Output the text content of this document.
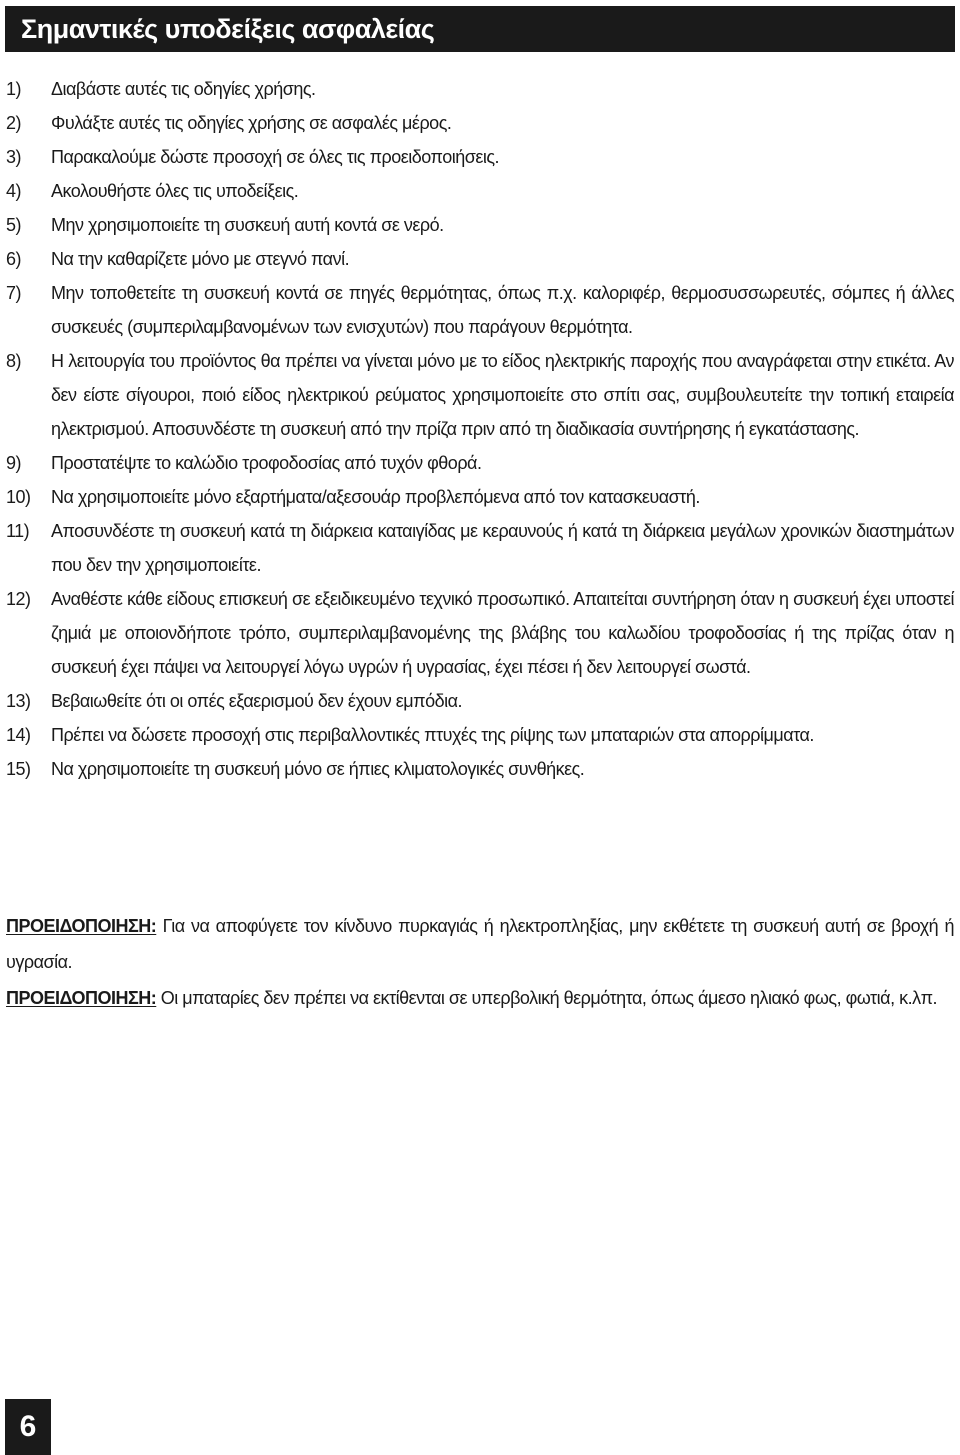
Σημαντικές υποδείξεις ασφαλείας
1) Διαβάστε αυτές τις οδηγίες χρήσης.
2) Φυλάξτε αυτές τις οδηγίες χρήσης σε ασφαλές μέρος.
3) Παρακαλούμε δώστε προσοχή σε όλες τις προειδοποιήσεις.
4) Ακολουθήστε όλες τις υποδείξεις.
5) Μην χρησιμοποιείτε τη συσκευή αυτή κοντά σε νερό.
6) Να την καθαρίζετε μόνο με στεγνό πανί.
7) Μην τοποθετείτε τη συσκευή κοντά σε πηγές θερμότητας, όπως π.χ. καλοριφέρ, θερμοσυσσωρευτές, σόμπες ή άλλες συσκευές (συμπεριλαμβανομένων των ενισχυτών) που παράγουν θερμότητα.
8) Η λειτουργία του προϊόντος θα πρέπει να γίνεται μόνο με το είδος ηλεκτρικής παροχής που αναγράφεται στην ετικέτα. Αν δεν είστε σίγουροι, ποιό είδος ηλεκτρικού ρεύματος χρησιμοποιείτε στο σπίτι σας, συμβουλευτείτε την τοπική εταιρεία ηλεκτρισμού. Αποσυνδέστε τη συσκευή από την πρίζα πριν από τη διαδικασία συντήρησης ή εγκατάστασης.
9) Προστατέψτε το καλώδιο τροφοδοσίας από τυχόν φθορά.
10) Να χρησιμοποιείτε μόνο εξαρτήματα/αξεσουάρ προβλεπόμενα από τον κατασκευαστή.
11) Αποσυνδέστε τη συσκευή κατά τη διάρκεια καταιγίδας με κεραυνούς ή κατά τη διάρκεια μεγάλων χρονικών διαστημάτων που δεν την χρησιμοποιείτε.
12) Αναθέστε κάθε είδους επισκευή σε εξειδικευμένο τεχνικό προσωπικό. Απαιτείται συντήρηση όταν η συσκευή έχει υποστεί ζημιά με οποιονδήποτε τρόπο, συμπεριλαμβανομένης της βλάβης του καλωδίου τροφοδοσίας ή της πρίζας όταν η συσκευή έχει πάψει να λειτουργεί λόγω υγρών ή υγρασίας, έχει πέσει ή δεν λειτουργεί σωστά.
13) Βεβαιωθείτε ότι οι οπές εξαερισμού δεν έχουν εμπόδια.
14) Πρέπει να δώσετε προσοχή στις περιβαλλοντικές πτυχές της ρίψης των μπαταριών στα απορρίμματα.
15) Να χρησιμοποιείτε τη συσκευή μόνο σε ήπιες κλιματολογικές συνθήκες.
ΠΡΟΕΙΔΟΠΟΙΗΣΗ: Για να αποφύγετε τον κίνδυνο πυρκαγιάς ή ηλεκτροπληξίας, μην εκθέτετε τη συσκευή αυτή σε βροχή ή υγρασία.
ΠΡΟΕΙΔΟΠΟΙΗΣΗ: Οι μπαταρίες δεν πρέπει να εκτίθενται σε υπερβολική θερμότητα, όπως άμεσο ηλιακό φως, φωτιά, κ.λπ.
6
